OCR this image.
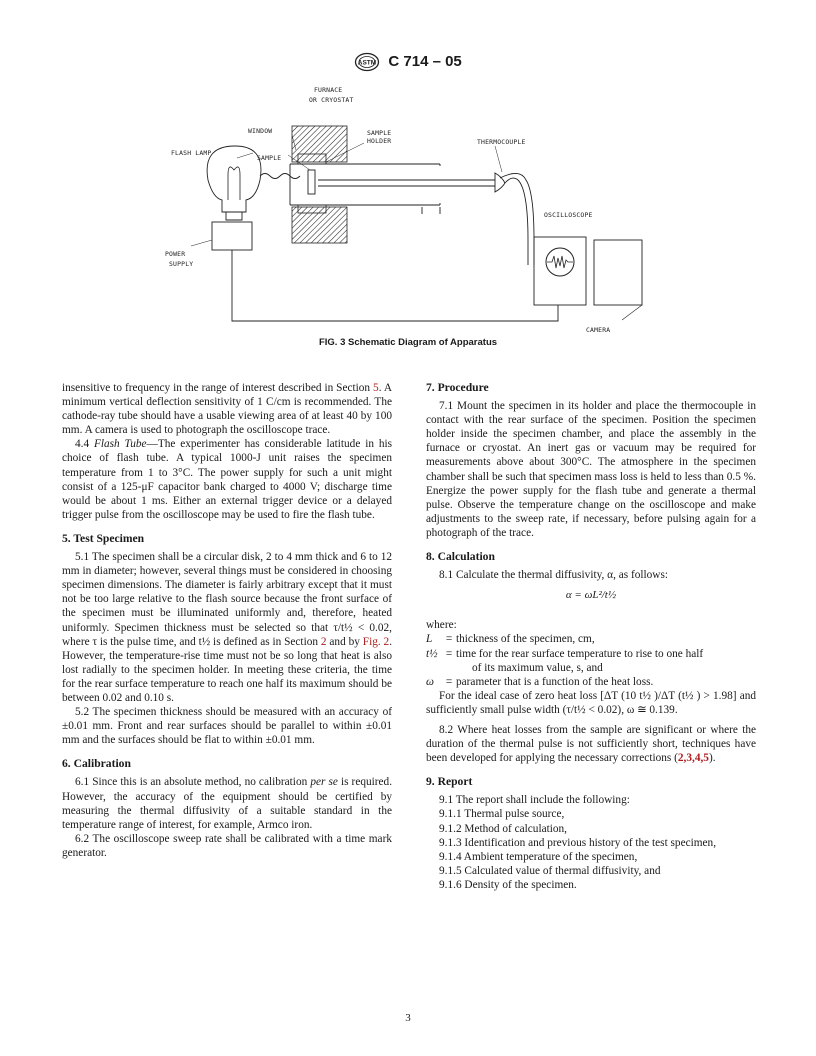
ASTM C 714 – 05
FURNACE
OR CRYOSTAT
WINDOW	SAMPLE
HOLDER	THERMOCOUPLE
FLASH LAMP
SAMPLE
OSCILLOSCOPE
POWER
SUPPLY
CAMERA
FIG. 3 Schematic Diagram of Apparatus

insensitive to frequency in the range of interest described in Section 5. A minimum vertical deflection sensitivity of 1 C/cm is recommended. The cathode-ray tube should have a usable viewing area of at least 40 by 100 mm. A camera is used to photograph the oscilloscope trace.

4.4 Flash Tube—The experimenter has considerable latitude in his choice of flash tube. A typical 1000-J unit raises the specimen temperature from 1 to 3°C. The power supply for such a unit might consist of a 125-μF capacitor bank charged to 4000 V; discharge time would be about 1 ms. Either an external trigger device or a delayed trigger pulse from the oscilloscope may be used to fire the flash tube.

5. Test Specimen

5.1 The specimen shall be a circular disk, 2 to 4 mm thick and 6 to 12 mm in diameter; however, several things must be considered in choosing specimen dimensions. The diameter is fairly arbitrary except that it must not be too large relative to the flash source because the front surface of the specimen must be illuminated uniformly and, therefore, heated uniformly. Specimen thickness must be selected so that τ/t½ < 0.02, where τ is the pulse time, and t½ is defined as in Section 2 and by Fig. 2. However, the temperature-rise time must not be so long that heat is also lost radially to the specimen holder. In meeting these criteria, the time for the rear surface temperature to reach one half its maximum should be between 0.02 and 0.10 s.

5.2 The specimen thickness should be measured with an accuracy of ±0.01 mm. Front and rear surfaces should be parallel to within ±0.01 mm and the surfaces should be flat to within ±0.01 mm.

6. Calibration

6.1 Since this is an absolute method, no calibration per se is required. However, the accuracy of the equipment should be certified by measuring the thermal diffusivity of a suitable standard in the temperature range of interest, for example, Armco iron.

6.2 The oscilloscope sweep rate shall be calibrated with a time mark generator.

7. Procedure

7.1 Mount the specimen in its holder and place the thermocouple in contact with the rear surface of the specimen. Position the specimen holder inside the specimen chamber, and place the assembly in the furnace or cryostat. An inert gas or vacuum may be required for measurements above about 300°C. The atmosphere in the specimen chamber shall be such that specimen mass loss is held to less than 0.5 %. Energize the power supply for the flash tube and generate a thermal pulse. Observe the temperature change on the oscilloscope and make adjustments to the sweep rate, if necessary, before pulsing again for a photograph of the trace.

8. Calculation

8.1 Calculate the thermal diffusivity, α, as follows:

α = ωL²/t½

where:

L	= thickness of the specimen, cm,
t½ = time for the rear surface temperature to rise to one half
of its maximum value, s, and
ω	= parameter that is a function of the heat loss.

For the ideal case of zero heat loss [ΔT (10 t½ )/ΔT (t½ ) > 1.98] and sufficiently small pulse width (τ/t½ < 0.02), ω ≅ 0.139.

8.2 Where heat losses from the sample are significant or where the duration of the thermal pulse is not sufficiently short, techniques have been developed for applying the necessary corrections (2,3,4,5).

9. Report

9.1 The report shall include the following:

9.1.1 Thermal pulse source,

9.1.2 Method of calculation,

9.1.3 Identification and previous history of the test specimen,

9.1.4 Ambient temperature of the specimen,

9.1.5 Calculated value of thermal diffusivity, and

9.1.6 Density of the specimen.

3
